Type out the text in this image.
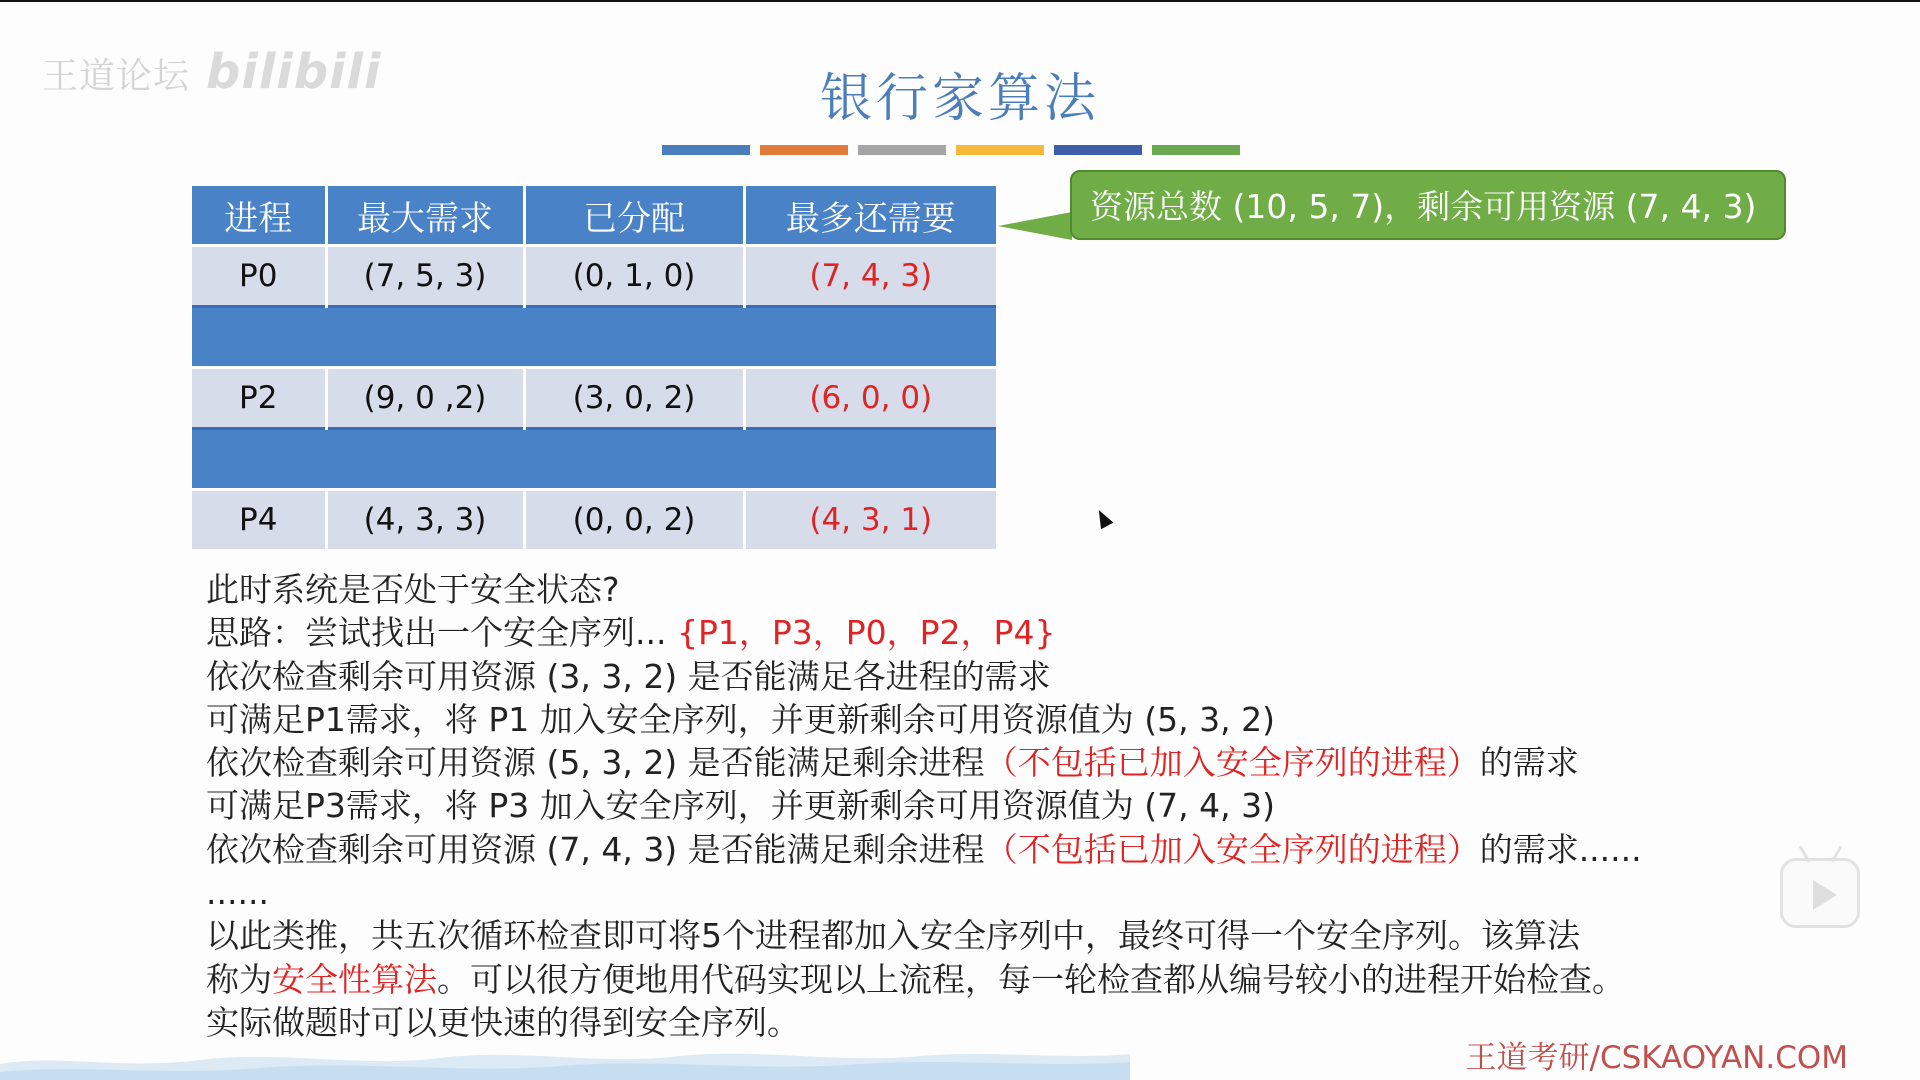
王道论坛 bilibili	银行家算法
进程	最大需求	已分配	最多还需要
P0	(7, 5, 3)	(0, 1, 0)	(7, 4, 3)

P2	(9, 0 ,2)	(3, 0, 2)	(6, 0, 0)

P4	(4, 3, 3)	(0, 0, 2)	(4, 3, 1)
资源总数 (10, 5, 7)，剩余可用资源 (7, 4, 3)
此时系统是否处于安全状态?
思路：尝试找出一个安全序列... {P1，P3，P0，P2，P4}
依次检查剩余可用资源 (3, 3, 2) 是否能满足各进程的需求
可满足P1需求，将 P1 加入安全序列，并更新剩余可用资源值为 (5, 3, 2)
依次检查剩余可用资源 (5, 3, 2) 是否能满足剩余进程（不包括已加入安全序列的进程）的需求
可满足P3需求，将 P3 加入安全序列，并更新剩余可用资源值为 (7, 4, 3)
依次检查剩余可用资源 (7, 4, 3) 是否能满足剩余进程（不包括已加入安全序列的进程）的需求......
......
以此类推，共五次循环检查即可将5个进程都加入安全序列中，最终可得一个安全序列。该算法
称为安全性算法。可以很方便地用代码实现以上流程，每一轮检查都从编号较小的进程开始检查。
实际做题时可以更快速的得到安全序列。
王道考研/CSKAOYAN.COM
